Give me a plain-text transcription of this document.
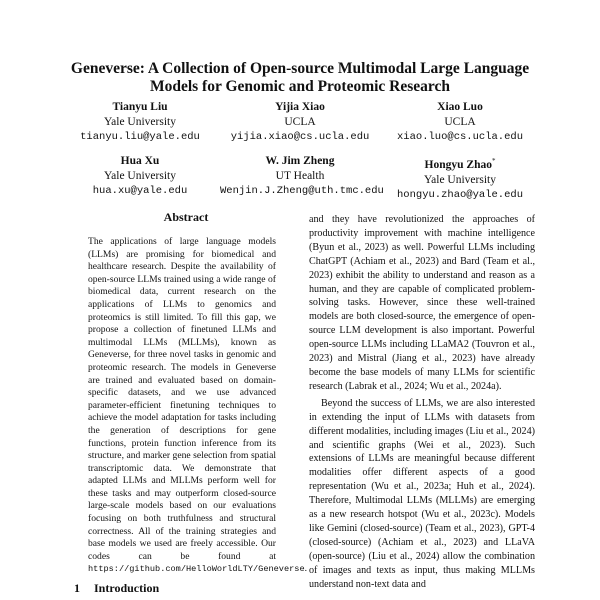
Geneverse: A Collection of Open-source Multimodal Large Language
Models for Genomic and Proteomic Research
Tianyu Liu
Yale University
tianyu.liu@yale.edu
Yijia Xiao
UCLA
yijia.xiao@cs.ucla.edu
Xiao Luo
UCLA
xiao.luo@cs.ucla.edu
Hua Xu
Yale University
hua.xu@yale.edu
W. Jim Zheng
UT Health
Wenjin.J.Zheng@uth.tmc.edu
Hongyu Zhao*
Yale University
hongyu.zhao@yale.edu
Abstract
The applications of large language models (LLMs) are promising for biomedical and healthcare research. Despite the availability of open-source LLMs trained using a wide range of biomedical data, current research on the applications of LLMs to genomics and proteomics is still limited. To fill this gap, we propose a collection of finetuned LLMs and multimodal LLMs (MLLMs), known as Geneverse, for three novel tasks in genomic and proteomic research. The models in Geneverse are trained and evaluated based on domain-specific datasets, and we use advanced parameter-efficient finetuning techniques to achieve the model adaptation for tasks including the generation of descriptions for gene functions, protein function inference from its structure, and marker gene selection from spatial transcriptomic data. We demonstrate that adapted LLMs and MLLMs perform well for these tasks and may outperform closed-source large-scale models based on our evaluations focusing on both truthfulness and structural correctness. All of the training strategies and base models we used are freely accessible. Our codes can be found at https://github.com/HelloWorldLTY/Geneverse.
1 Introduction

and they have revolutionized the approaches of productivity improvement with machine intelligence (Byun et al., 2023) as well. Powerful LLMs including ChatGPT (Achiam et al., 2023) and Bard (Team et al., 2023) exhibit the ability to understand and reason as a human, and they are capable of complicated problem-solving tasks. However, since these well-trained models are both closed-source, the emergence of open-source LLM development is also important. Powerful open-source LLMs including LLaMA2 (Touvron et al., 2023) and Mistral (Jiang et al., 2023) have already become the base models of many LLMs for scientific research (Labrak et al., 2024; Wu et al., 2024a).

Beyond the success of LLMs, we are also interested in extending the input of LLMs with datasets from different modalities, including images (Liu et al., 2024) and scientific graphs (Wei et al., 2023). Such extensions of LLMs are meaningful because different modalities offer different aspects of a good representation (Wu et al., 2023a; Huh et al., 2024). Therefore, Multimodal LLMs (MLLMs) are emerging as a new research hotspot (Wu et al., 2023c). Models like Gemini (closed-source) (Team et al., 2023), GPT-4 (closed-source) (Achiam et al., 2023) and LLaVA (open-source) (Liu et al., 2024) allow the combination of images and texts as input, thus making MLLMs understand non-text data and
